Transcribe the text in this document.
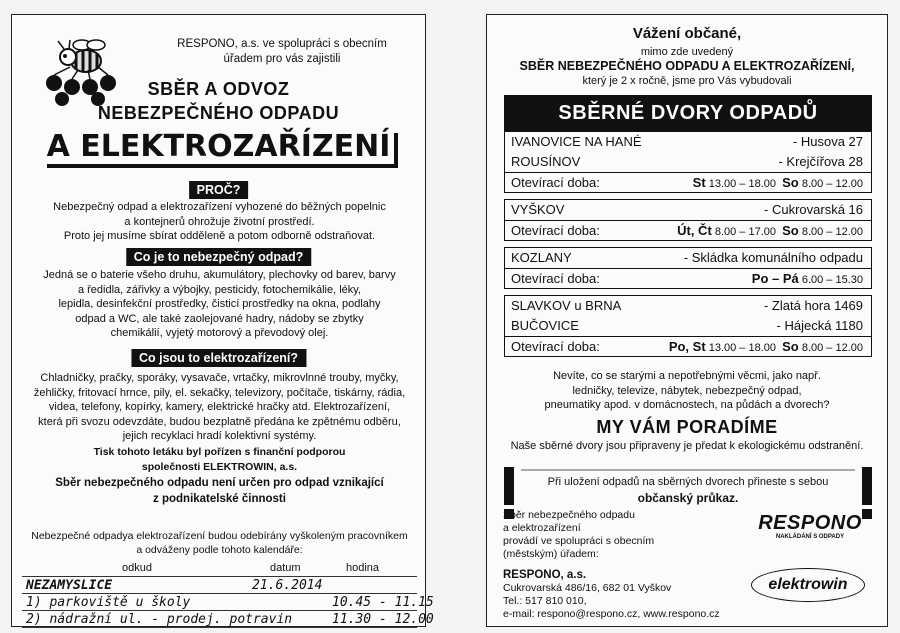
RESPONO, a.s. ve spolupráci s obecním
úřadem pro vás zajistili
SBĚR A ODVOZ
NEBEZPEČNÉHO ODPADU
A ELEKTROZAŘÍZENÍ
PROČ?
Nebezpečný odpad a elektrozařízení vyhozené do běžných popelnic
a kontejnerů ohrožuje životní prostředí.
Proto jej musíme sbírat odděleně a potom odborně odstraňovat.
Co je to nebezpečný odpad?
Jedná se o baterie všeho druhu, akumulátory, plechovky od barev, barvy
a ředidla, zářivky a výbojky, pesticidy, fotochemikálie, léky,
lepidla, desinfekční prostředky, čisticí prostředky na okna, podlahy
odpad a WC, ale také zaolejované hadry, nádoby se zbytky
chemikálií, vyjetý motorový a převodový olej.
Co jsou to elektrozařízení?
Chladničky, pračky, sporáky, vysavače, vrtačky, mikrovlnné trouby, myčky,
žehličky, fritovací hrnce, pily, el. sekačky, televizory, počítače, tiskárny, rádia,
videa, telefony, kopírky, kamery, elektrické hračky atd. Elektrozařízení,
která při svozu odevzdáte, budou bezplatně předána ke zpětnému odběru,
jejich recyklaci hradí kolektivní systémy.
Tisk tohoto letáku byl pořízen s finanční podporou
společnosti ELEKTROWIN, a.s.
Sběr nebezpečného odpadu není určen pro odpad vznikající
z podnikatelské činnosti
Nebezpečné odpadya elektrozařízení budou odebírány vyškoleným pracovníkem
a odváženy podle tohoto kalendáře:
odkud	datum	hodina
NEZAMYSLICE	21.6.2014
1) parkoviště u školy	10.45 - 11.15
2) nádražní ul. - prodej. potravin	11.30 - 12.00
Vážení občané,
mimo zde uvedený
SBĚR NEBEZPEČNÉHO ODPADU A ELEKTROZAŘÍZENÍ,
který je 2 x ročně, jsme pro Vás vybudovali
SBĚRNÉ DVORY ODPADŮ
IVANOVICE NA HANÉ	- Husova 27
ROUSÍNOV	- Krejčířova 28
Otevírací doba:	St 13.00 – 18.00 So 8.00 – 12.00
VYŠKOV	- Cukrovarská 16
Otevírací doba:	Út, Čt 8.00 – 17.00 So 8.00 – 12.00
KOZLANY	- Skládka komunálního odpadu
Otevírací doba:	Po – Pá 6.00 – 15.30
SLAVKOV u BRNA	- Zlatá hora 1469
BUČOVICE	- Hájecká 1180
Otevírací doba:	Po, St 13.00 – 18.00 So 8.00 – 12.00
Nevíte, co se starými a nepotřebnými věcmi, jako např.
ledničky, televize, nábytek, nebezpečný odpad,
pneumatiky apod. v domácnostech, na půdách a dvorech?
MY VÁM PORADÍME
Naše sběrné dvory jsou připraveny je předat k ekologickému odstranění.
Při uložení odpadů na sběrných dvorech přineste s sebou
občanský průkaz.
Sběr nebezpečného odpadu
a elektrozařízení
provádí ve spolupráci s obecním
(městským) úřadem:
RESPONO, a.s.
Cukrovarská 486/16, 682 01 Vyškov
Tel.: 517 810 010,
e-mail: respono@respono.cz, www.respono.cz
RESPONO
NAKLÁDÁNÍ S ODPADY
elektrowin
